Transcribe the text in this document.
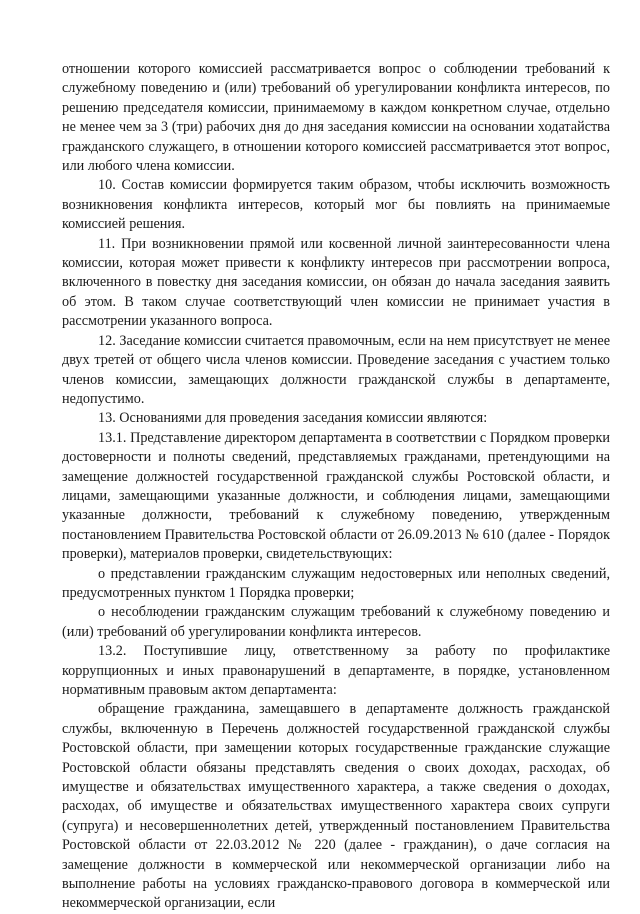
отношении которого комиссией рассматривается вопрос о соблюдении требований к служебному поведению и (или) требований об урегулировании конфликта интересов, по решению председателя комиссии, принимаемому в каждом конкретном случае, отдельно не менее чем за 3 (три) рабочих дня до дня заседания комиссии на основании ходатайства гражданского служащего, в отношении которого комиссией рассматривается этот вопрос, или любого члена комиссии.

10. Состав комиссии формируется таким образом, чтобы исключить возможность возникновения конфликта интересов, который мог бы повлиять на принимаемые комиссией решения.

11. При возникновении прямой или косвенной личной заинтересованности члена комиссии, которая может привести к конфликту интересов при рассмотрении вопроса, включенного в повестку дня заседания комиссии, он обязан до начала заседания заявить об этом. В таком случае соответствующий член комиссии не принимает участия в рассмотрении указанного вопроса.

12. Заседание комиссии считается правомочным, если на нем присутствует не менее двух третей от общего числа членов комиссии. Проведение заседания с участием только членов комиссии, замещающих должности гражданской службы в департаменте, недопустимо.

13. Основаниями для проведения заседания комиссии являются:

13.1. Представление директором департамента в соответствии с Порядком проверки достоверности и полноты сведений, представляемых гражданами, претендующими на замещение должностей государственной гражданской службы Ростовской области, и лицами, замещающими указанные должности, и соблюдения лицами, замещающими указанные должности, требований к служебному поведению, утвержденным постановлением Правительства Ростовской области от 26.09.2013 № 610 (далее - Порядок проверки), материалов проверки, свидетельствующих:

о представлении гражданским служащим недостоверных или неполных сведений, предусмотренных пунктом 1 Порядка проверки;

о несоблюдении гражданским служащим требований к служебному поведению и (или) требований об урегулировании конфликта интересов.

13.2. Поступившие лицу, ответственному за работу по профилактике коррупционных и иных правонарушений в департаменте, в порядке, установленном нормативным правовым актом департамента:

обращение гражданина, замещавшего в департаменте должность гражданской службы, включенную в Перечень должностей государственной гражданской службы Ростовской области, при замещении которых государственные гражданские служащие Ростовской области обязаны представлять сведения о своих доходах, расходах, об имуществе и обязательствах имущественного характера, а также сведения о доходах, расходах, об имуществе и обязательствах имущественного характера своих супруги (супруга) и несовершеннолетних детей, утвержденный постановлением Правительства Ростовской области от 22.03.2012 № 220 (далее - гражданин), о даче согласия на замещение должности в коммерческой или некоммерческой организации либо на выполнение работы на условиях гражданско-правового договора в коммерческой или некоммерческой организации, если
